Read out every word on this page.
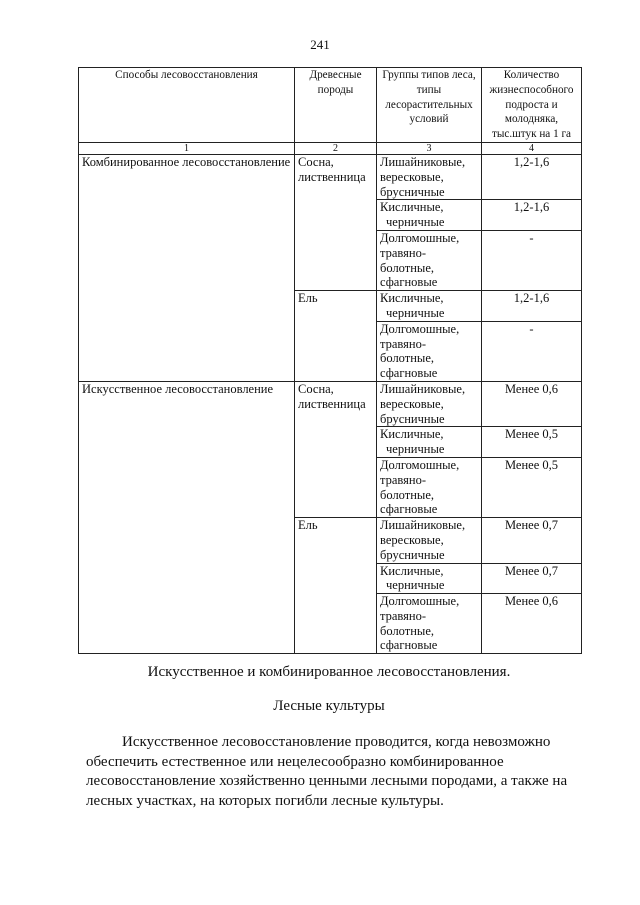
241
Способы лесовосстановления	Древесные породы	Группы типов леса, типы лесорастительных условий	Количество жизнеспособного подроста и молодняка, тыс.штук на 1 га
1	2	3	4
Комбинированное лесовосстановление	Сосна, лиственница	Лишайниковые,
вересковые,
брусничные	1,2-1,6

		Кисличные,
черничные	1,2-1,6

		Долгомошные,
травяно-
болотные,
сфагновые	-
	Ель	Кисличные,
черничные	1,2-1,6

		Долгомошные,
травяно-
болотные,
сфагновые	-
Искусственное лесовосстановление	Сосна, лиственница	Лишайниковые,
вересковые,
брусничные	Менее 0,6

		Кисличные,
черничные	Менее 0,5

		Долгомошные,
травяно-
болотные,
сфагновые	Менее 0,5
	Ель	Лишайниковые,
вересковые,
брусничные	Менее 0,7

		Кисличные,
черничные	Менее 0,7

		Долгомошные,
травяно-
болотные,
сфагновые	Менее 0,6
Искусственное и комбинированное лесовосстановления.
Лесные культуры
Искусственное лесовосстановление проводится, когда невозможно
обеспечить естественное или нецелесообразно комбинированное
лесовосстановление хозяйственно ценными лесными породами, а также на
лесных участках, на которых погибли лесные культуры.
